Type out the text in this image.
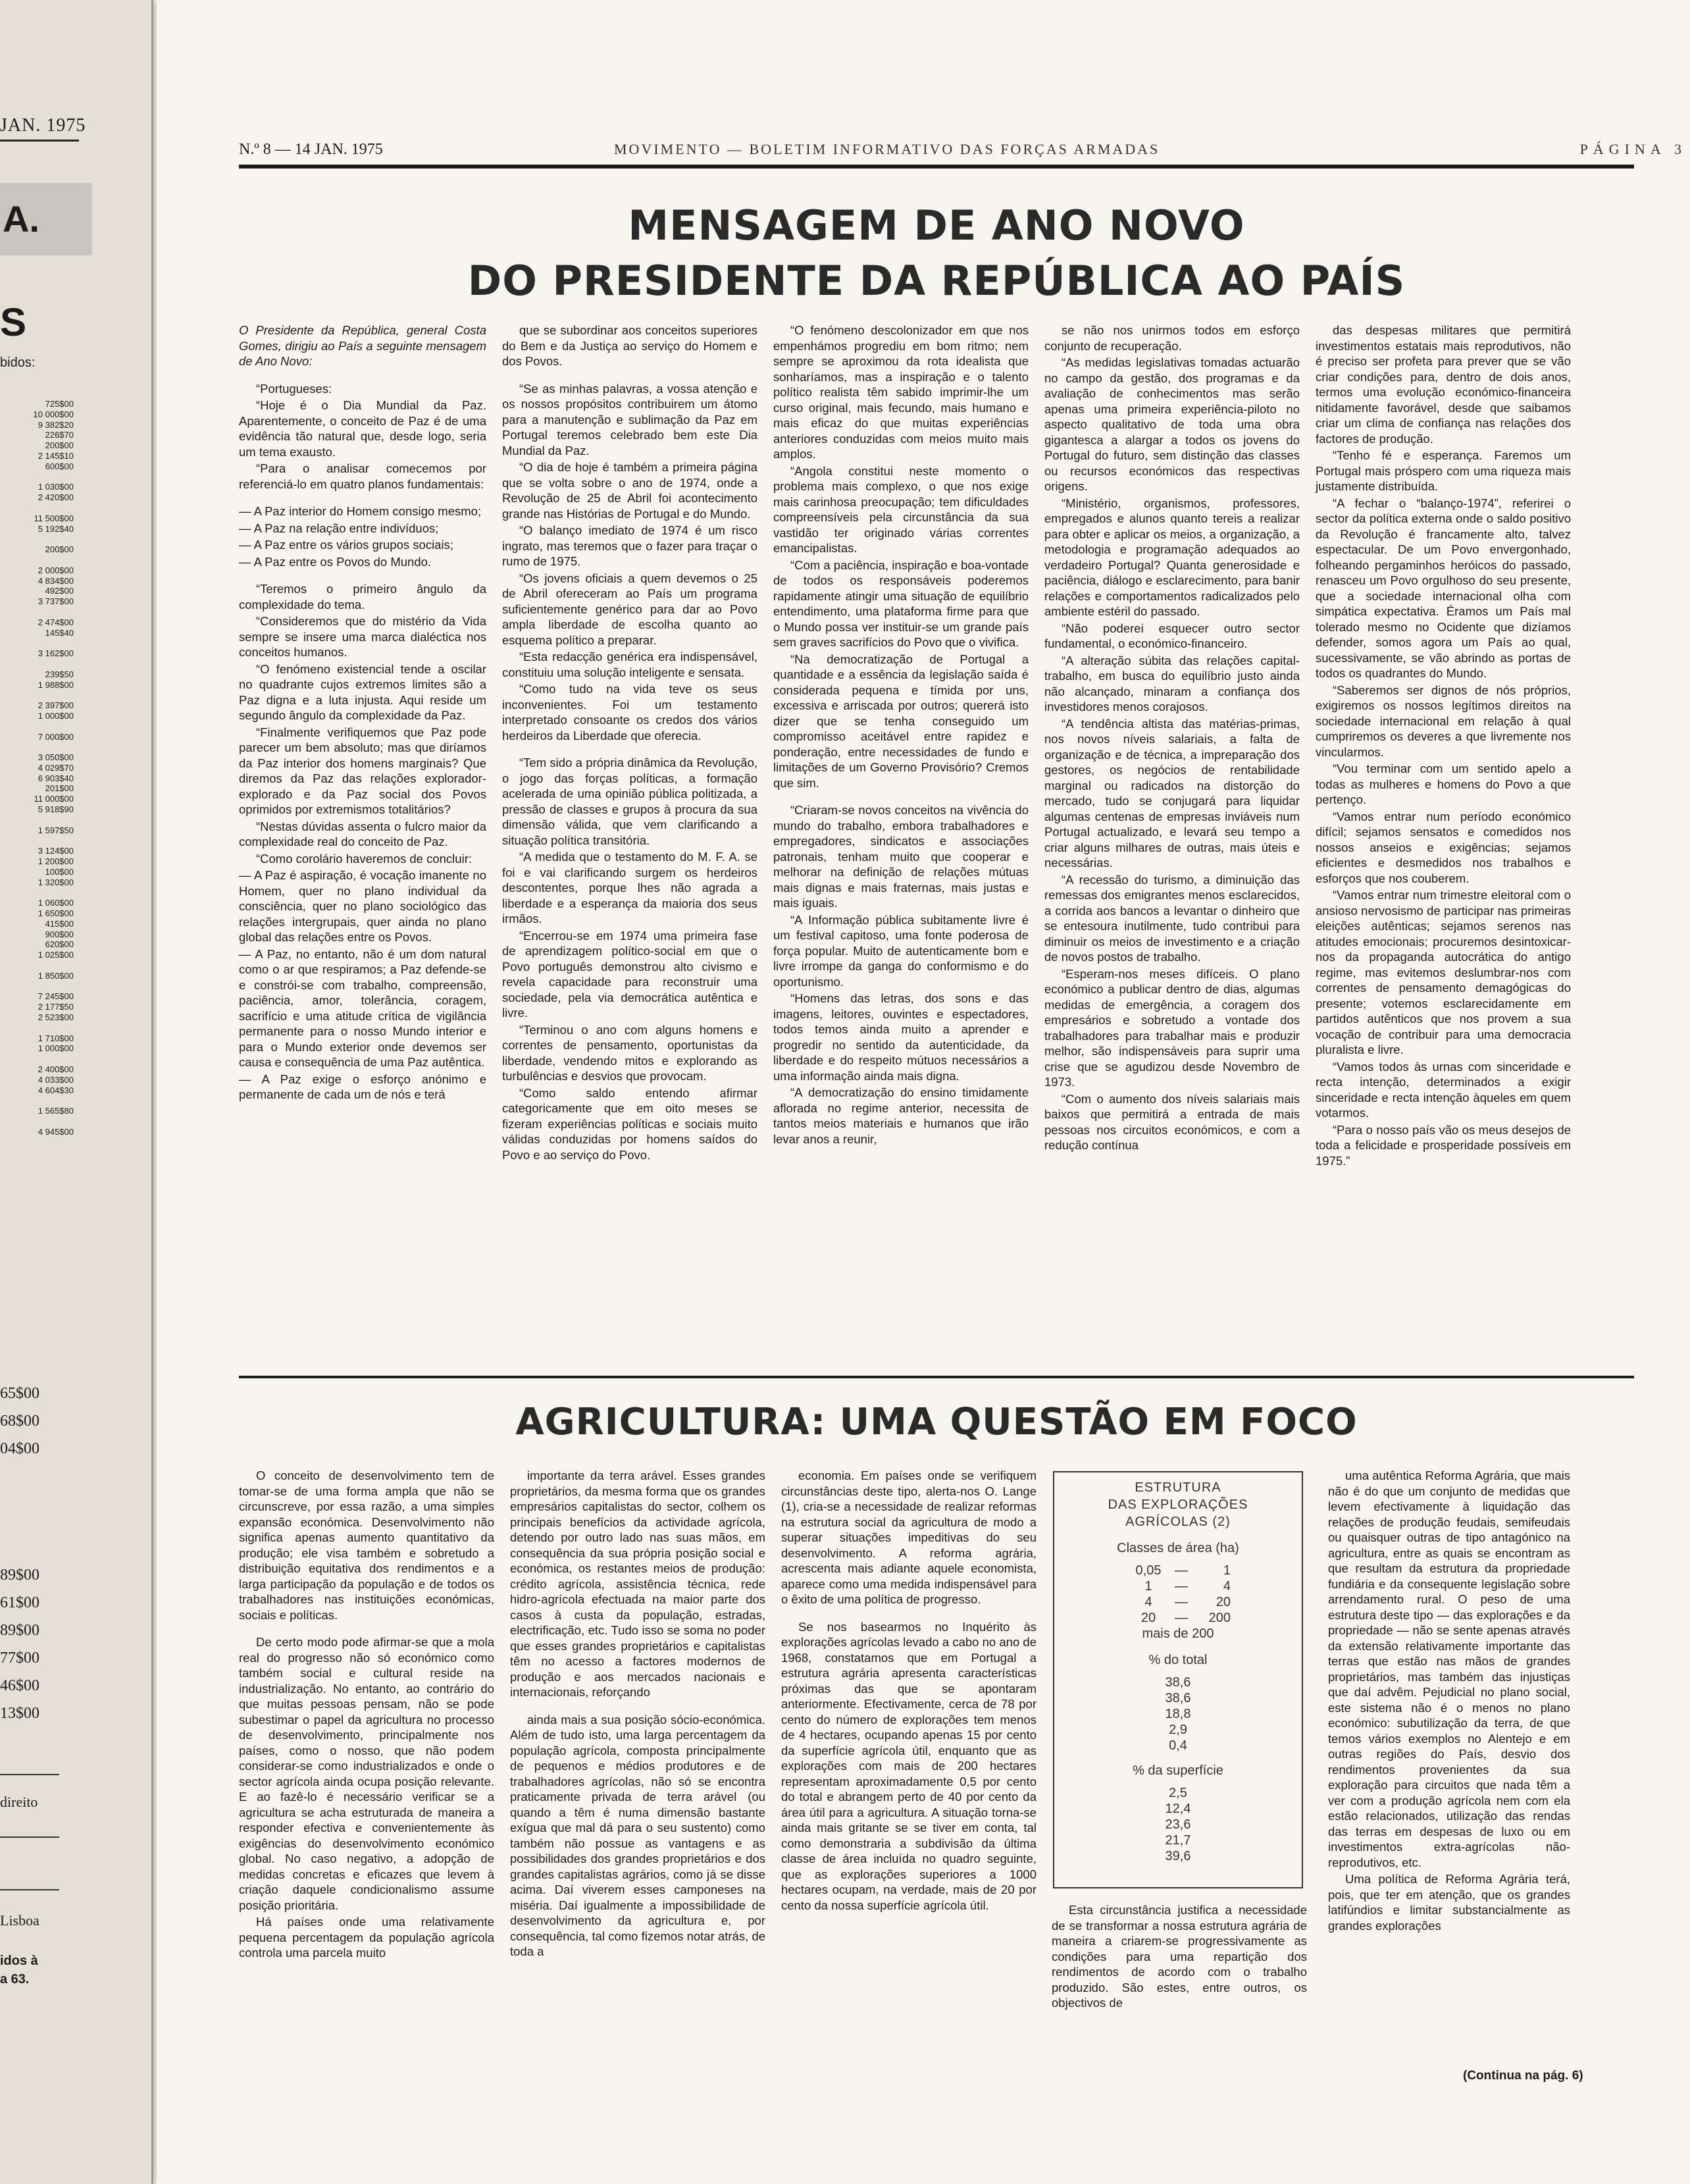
JAN. 1975
A.
S
bidos:
725$00
10 000$00
9 382$20
226$70
200$00
2 145$10
600$00
1 030$00
2 420$00
11 500$00
5 192$40
200$00
2 000$00
4 834$00
492$00
3 737$00
2 474$00
145$40
3 162$00
239$50
1 988$00
2 397$00
1 000$00
7 000$00
3 050$00
4 029$70
6 903$40
201$00
11 000$00
5 918$90
1 597$50
3 124$00
1 200$00
100$00
1 320$00
1 060$00
1 650$00
415$00
900$00
620$00
1 025$00
1 850$00
7 245$00
2 177$50
2 523$00
1 710$00
1 000$00
2 400$00
4 033$00
4 604$30
1 565$80
4 945$00
65$00
68$00
04$00
89$00
61$00
89$00
77$00
46$00
13$00
direito
Lisboa
idos à
a 63.
N.º 8 — 14 JAN. 1975	MOVIMENTO — BOLETIM INFORMATIVO DAS FORÇAS ARMADAS	PÁGINA 3
MENSAGEM DE ANO NOVO
DO PRESIDENTE DA REPÚBLICA AO PAÍS

O Presidente da República, general Costa Gomes, dirigiu ao País a seguinte mensagem de Ano Novo:

“Portugueses:

“Hoje é o Dia Mundial da Paz. Aparentemente, o conceito de Paz é de uma evidência tão natural que, desde logo, seria um tema exausto.

“Para o analisar comecemos por referenciá-lo em quatro planos fundamentais:

— A Paz interior do Homem consigo mesmo;

— A Paz na relação entre indivíduos;

— A Paz entre os vários grupos sociais;

— A Paz entre os Povos do Mundo.

“Teremos o primeiro ângulo da complexidade do tema.

“Consideremos que do mistério da Vida sempre se insere uma marca dialéctica nos conceitos humanos.

“O fenómeno existencial tende a oscilar no quadrante cujos extremos limites são a Paz digna e a luta injusta. Aqui reside um segundo ângulo da complexidade da Paz.

“Finalmente verifiquemos que Paz pode parecer um bem absoluto; mas que diríamos da Paz interior dos homens marginais? Que diremos da Paz das relações explorador-explorado e da Paz social dos Povos oprimidos por extremismos totalitários?

“Nestas dúvidas assenta o fulcro maior da complexidade real do conceito de Paz.

“Como corolário haveremos de concluir:

— A Paz é aspiração, é vocação imanente no Homem, quer no plano individual da consciência, quer no plano sociológico das relações intergrupais, quer ainda no plano global das relações entre os Povos.

— A Paz, no entanto, não é um dom natural como o ar que respiramos; a Paz defende-se e constrói-se com trabalho, compreensão, paciência, amor, tolerância, coragem, sacrifício e uma atitude crítica de vigilância permanente para o nosso Mundo interior e para o Mundo exterior onde devemos ser causa e consequência de uma Paz autêntica.

— A Paz exige o esforço anónimo e permanente de cada um de nós e terá

que se subordinar aos conceitos superiores do Bem e da Justiça ao serviço do Homem e dos Povos.

“Se as minhas palavras, a vossa atenção e os nossos propósitos contribuirem um átomo para a manutenção e sublimação da Paz em Portugal teremos celebrado bem este Dia Mundial da Paz.

“O dia de hoje é também a primeira página que se volta sobre o ano de 1974, onde a Revolução de 25 de Abril foi acontecimento grande nas Histórias de Portugal e do Mundo.

“O balanço imediato de 1974 é um risco ingrato, mas teremos que o fazer para traçar o rumo de 1975.

“Os jovens oficiais a quem devemos o 25 de Abril ofereceram ao País um programa suficientemente genérico para dar ao Povo ampla liberdade de escolha quanto ao esquema político a preparar.

“Esta redacção genérica era indispensável, constituiu uma solução inteligente e sensata.

“Como tudo na vida teve os seus inconvenientes. Foi um testamento interpretado consoante os credos dos vários herdeiros da Liberdade que oferecia.

“Tem sido a própria dinâmica da Revolução, o jogo das forças políticas, a formação acelerada de uma opinião pública politizada, a pressão de classes e grupos à procura da sua dimensão válida, que vem clarificando a situação política transitória.

“A medida que o testamento do M. F. A. se foi e vai clarificando surgem os herdeiros descontentes, porque lhes não agrada a liberdade e a esperança da maioria dos seus irmãos.

“Encerrou-se em 1974 uma primeira fase de aprendizagem político-social em que o Povo português demonstrou alto civismo e revela capacidade para reconstruir uma sociedade, pela via democrática autêntica e livre.

“Terminou o ano com alguns homens e correntes de pensamento, oportunistas da liberdade, vendendo mitos e explorando as turbulências e desvios que provocam.

“Como saldo entendo afirmar categoricamente que em oito meses se fizeram experiências políticas e sociais muito válidas conduzidas por homens saídos do Povo e ao serviço do Povo.

“O fenómeno descolonizador em que nos empenhámos progrediu em bom ritmo; nem sempre se aproximou da rota idealista que sonharíamos, mas a inspiração e o talento político realista têm sabido imprimir-lhe um curso original, mais fecundo, mais humano e mais eficaz do que muitas experiências anteriores conduzidas com meios muito mais amplos.

“Angola constitui neste momento o problema mais complexo, o que nos exige mais carinhosa preocupação; tem dificuldades compreensíveis pela circunstância da sua vastidão ter originado várias correntes emancipalistas.

“Com a paciência, inspiração e boa-vontade de todos os responsáveis poderemos rapidamente atingir uma situação de equilíbrio entendimento, uma plataforma firme para que o Mundo possa ver instituir-se um grande país sem graves sacrifícios do Povo que o vivifica.

“Na democratização de Portugal a quantidade e a essência da legislação saída é considerada pequena e tímida por uns, excessiva e arriscada por outros; quererá isto dizer que se tenha conseguido um compromisso aceitável entre rapidez e ponderação, entre necessidades de fundo e limitações de um Governo Provisório? Cremos que sim.

“Criaram-se novos conceitos na vivência do mundo do trabalho, embora trabalhadores e empregadores, sindicatos e associações patronais, tenham muito que cooperar e melhorar na definição de relações mútuas mais dignas e mais fraternas, mais justas e mais iguais.

“A Informação pública subitamente livre é um festival capitoso, uma fonte poderosa de força popular. Muito de autenticamente bom e livre irrompe da ganga do conformismo e do oportunismo.

“Homens das letras, dos sons e das imagens, leitores, ouvintes e espectadores, todos temos ainda muito a aprender e progredir no sentido da autenticidade, da liberdade e do respeito mútuos necessários a uma informação ainda mais digna.

“A democratização do ensino timidamente aflorada no regime anterior, necessita de tantos meios materiais e humanos que irão levar anos a reunir,

se não nos unirmos todos em esforço conjunto de recuperação.

“As medidas legislativas tomadas actuarão no campo da gestão, dos programas e da avaliação de conhecimentos mas serão apenas uma primeira experiência-piloto no aspecto qualitativo de toda uma obra gigantesca a alargar a todos os jovens do Portugal do futuro, sem distinção das classes ou recursos económicos das respectivas origens.

“Ministério, organismos, professores, empregados e alunos quanto tereis a realizar para obter e aplicar os meios, a organização, a metodologia e programação adequados ao verdadeiro Portugal? Quanta generosidade e paciência, diálogo e esclarecimento, para banir relações e comportamentos radicalizados pelo ambiente estéril do passado.

“Não poderei esquecer outro sector fundamental, o económico-financeiro.

“A alteração súbita das relações capital-trabalho, em busca do equilíbrio justo ainda não alcançado, minaram a confiança dos investidores menos corajosos.

“A tendência altista das matérias-primas, nos novos níveis salariais, a falta de organização e de técnica, a impreparação dos gestores, os negócios de rentabilidade marginal ou radicados na distorção do mercado, tudo se conjugará para liquidar algumas centenas de empresas inviáveis num Portugal actualizado, e levará seu tempo a criar alguns milhares de outras, mais úteis e necessárias.

“A recessão do turismo, a diminuição das remessas dos emigrantes menos esclarecidos, a corrida aos bancos a levantar o dinheiro que se entesoura inutilmente, tudo contribui para diminuir os meios de investimento e a criação de novos postos de trabalho.

“Esperam-nos meses difíceis. O plano económico a publicar dentro de dias, algumas medidas de emergência, a coragem dos empresários e sobretudo a vontade dos trabalhadores para trabalhar mais e produzir melhor, são indispensáveis para suprir uma crise que se agudizou desde Novembro de 1973.

“Com o aumento dos níveis salariais mais baixos que permitirá a entrada de mais pessoas nos circuitos económicos, e com a redução contínua

das despesas militares que permitirá investimentos estatais mais reprodutivos, não é preciso ser profeta para prever que se vão criar condições para, dentro de dois anos, termos uma evolução económico-financeira nitidamente favorável, desde que saibamos criar um clima de confiança nas relações dos factores de produção.

“Tenho fé e esperança. Faremos um Portugal mais próspero com uma riqueza mais justamente distribuída.

“A fechar o “balanço-1974”, referirei o sector da política externa onde o saldo positivo da Revolução é francamente alto, talvez espectacular. De um Povo envergonhado, folheando pergaminhos heróicos do passado, renasceu um Povo orgulhoso do seu presente, que a sociedade internacional olha com simpática expectativa. Éramos um País mal tolerado mesmo no Ocidente que dizíamos defender, somos agora um País ao qual, sucessivamente, se vão abrindo as portas de todos os quadrantes do Mundo.

“Saberemos ser dignos de nós próprios, exigiremos os nossos legítimos direitos na sociedade internacional em relação à qual cumpriremos os deveres a que livremente nos vincularmos.

“Vou terminar com um sentido apelo a todas as mulheres e homens do Povo a que pertenço.

“Vamos entrar num período económico difícil; sejamos sensatos e comedidos nos nossos anseios e exigências; sejamos eficientes e desmedidos nos trabalhos e esforços que nos couberem.

“Vamos entrar num trimestre eleitoral com o ansioso nervosismo de participar nas primeiras eleições autênticas; sejamos serenos nas atitudes emocionais; procuremos desintoxicar-nos da propaganda autocrática do antigo regime, mas evitemos deslumbrar-nos com correntes de pensamento demagógicas do presente; votemos esclarecidamente em partidos autênticos que nos provem a sua vocação de contribuir para uma democracia pluralista e livre.

“Vamos todos às urnas com sinceridade e recta intenção, determinados a exigir sinceridade e recta intenção àqueles em quem votarmos.

“Para o nosso país vão os meus desejos de toda a felicidade e prosperidade possíveis em 1975.”

AGRICULTURA: UMA QUESTÃO EM FOCO

O conceito de desenvolvimento tem de tomar-se de uma forma ampla que não se circunscreve, por essa razão, a uma simples expansão económica. Desenvolvimento não significa apenas aumento quantitativo da produção; ele visa também e sobretudo a distribuição equitativa dos rendimentos e a larga participação da população e de todos os trabalhadores nas instituições económicas, sociais e políticas.

De certo modo pode afirmar-se que a mola real do progresso não só económico como também social e cultural reside na industrialização. No entanto, ao contrário do que muitas pessoas pensam, não se pode subestimar o papel da agricultura no processo de desenvolvimento, principalmente nos países, como o nosso, que não podem considerar-se como industrializados e onde o sector agrícola ainda ocupa posição relevante. E ao fazê-lo é necessário verificar se a agricultura se acha estruturada de maneira a responder efectiva e convenientemente às exigências do desenvolvimento económico global. No caso negativo, a adopção de medidas concretas e eficazes que levem à criação daquele condicionalismo assume posição prioritária.

Há países onde uma relativamente pequena percentagem da população agrícola controla uma parcela muito

importante da terra arável. Esses grandes proprietários, da mesma forma que os grandes empresários capitalistas do sector, colhem os principais benefícios da actividade agrícola, detendo por outro lado nas suas mãos, em consequência da sua própria posição social e económica, os restantes meios de produção: crédito agrícola, assistência técnica, rede hidro-agrícola efectuada na maior parte dos casos à custa da população, estradas, electrificação, etc. Tudo isso se soma no poder que esses grandes proprietários e capitalistas têm no acesso a factores modernos de produção e aos mercados nacionais e internacionais, reforçando

ainda mais a sua posição sócio-económica. Além de tudo isto, uma larga percentagem da população agrícola, composta principalmente de pequenos e médios produtores e de trabalhadores agrícolas, não só se encontra praticamente privada de terra arável (ou quando a têm é numa dimensão bastante exígua que mal dá para o seu sustento) como também não possue as vantagens e as possibilidades dos grandes proprietários e dos grandes capitalistas agrários, como já se disse acima. Daí viverem esses camponeses na miséria. Daí igualmente a impossibilidade de desenvolvimento da agricultura e, por consequência, tal como fizemos notar atrás, de toda a

economia. Em países onde se verifiquem circunstâncias deste tipo, alerta-nos O. Lange (1), cria-se a necessidade de realizar reformas na estrutura social da agricultura de modo a superar situações impeditivas do seu desenvolvimento. A reforma agrária, acrescenta mais adiante aquele economista, aparece como uma medida indispensável para o êxito de uma política de progresso.

Se nos basearmos no Inquérito às explorações agrícolas levado a cabo no ano de 1968, constatamos que em Portugal a estrutura agrária apresenta características próximas das que se apontaram anteriormente. Efectivamente, cerca de 78 por cento do número de explorações tem menos de 4 hectares, ocupando apenas 15 por cento da superfície agrícola útil, enquanto que as explorações com mais de 200 hectares representam aproximadamente 0,5 por cento do total e abrangem perto de 40 por cento da área útil para a agricultura. A situação torna-se ainda mais gritante se se tiver em conta, tal como demonstraria a subdivisão da última classe de área incluída no quadro seguinte, que as explorações superiores a 1000 hectares ocupam, na verdade, mais de 20 por cento da nossa superfície agrícola útil.

ESTRUTURA
DAS EXPLORAÇÕES
AGRÍCOLAS (2)
Classes de área (ha)
0,05	—	1
1	—	4
4	—	20
20	—	200
mais de 200
% do total
38,6
38,6
18,8
2,9
0,4
% da superfície
2,5
12,4
23,6
21,7
39,6

Esta circunstância justifica a necessidade de se transformar a nossa estrutura agrária de maneira a criarem-se progressivamente as condições para uma repartição dos rendimentos de acordo com o trabalho produzido. São estes, entre outros, os objectivos de

uma autêntica Reforma Agrária, que mais não é do que um conjunto de medidas que levem efectivamente à liquidação das relações de produção feudais, semifeudais ou quaisquer outras de tipo antagónico na agricultura, entre as quais se encontram as que resultam da estrutura da propriedade fundiária e da consequente legislação sobre arrendamento rural. O peso de uma estrutura deste tipo — das explorações e da propriedade — não se sente apenas através da extensão relativamente importante das terras que estão nas mãos de grandes proprietários, mas também das injustiças que daí advêm. Pejudicial no plano social, este sistema não é o menos no plano económico: subutilização da terra, de que temos vários exemplos no Alentejo e em outras regiões do País, desvio dos rendimentos provenientes da sua exploração para circuitos que nada têm a ver com a produção agrícola nem com ela estão relacionados, utilização das rendas das terras em despesas de luxo ou em investimentos extra-agrícolas não-reprodutivos, etc.

Uma política de Reforma Agrária terá, pois, que ter em atenção, que os grandes latifúndios e limitar substancialmente as grandes explorações

(Continua na pág. 6)
